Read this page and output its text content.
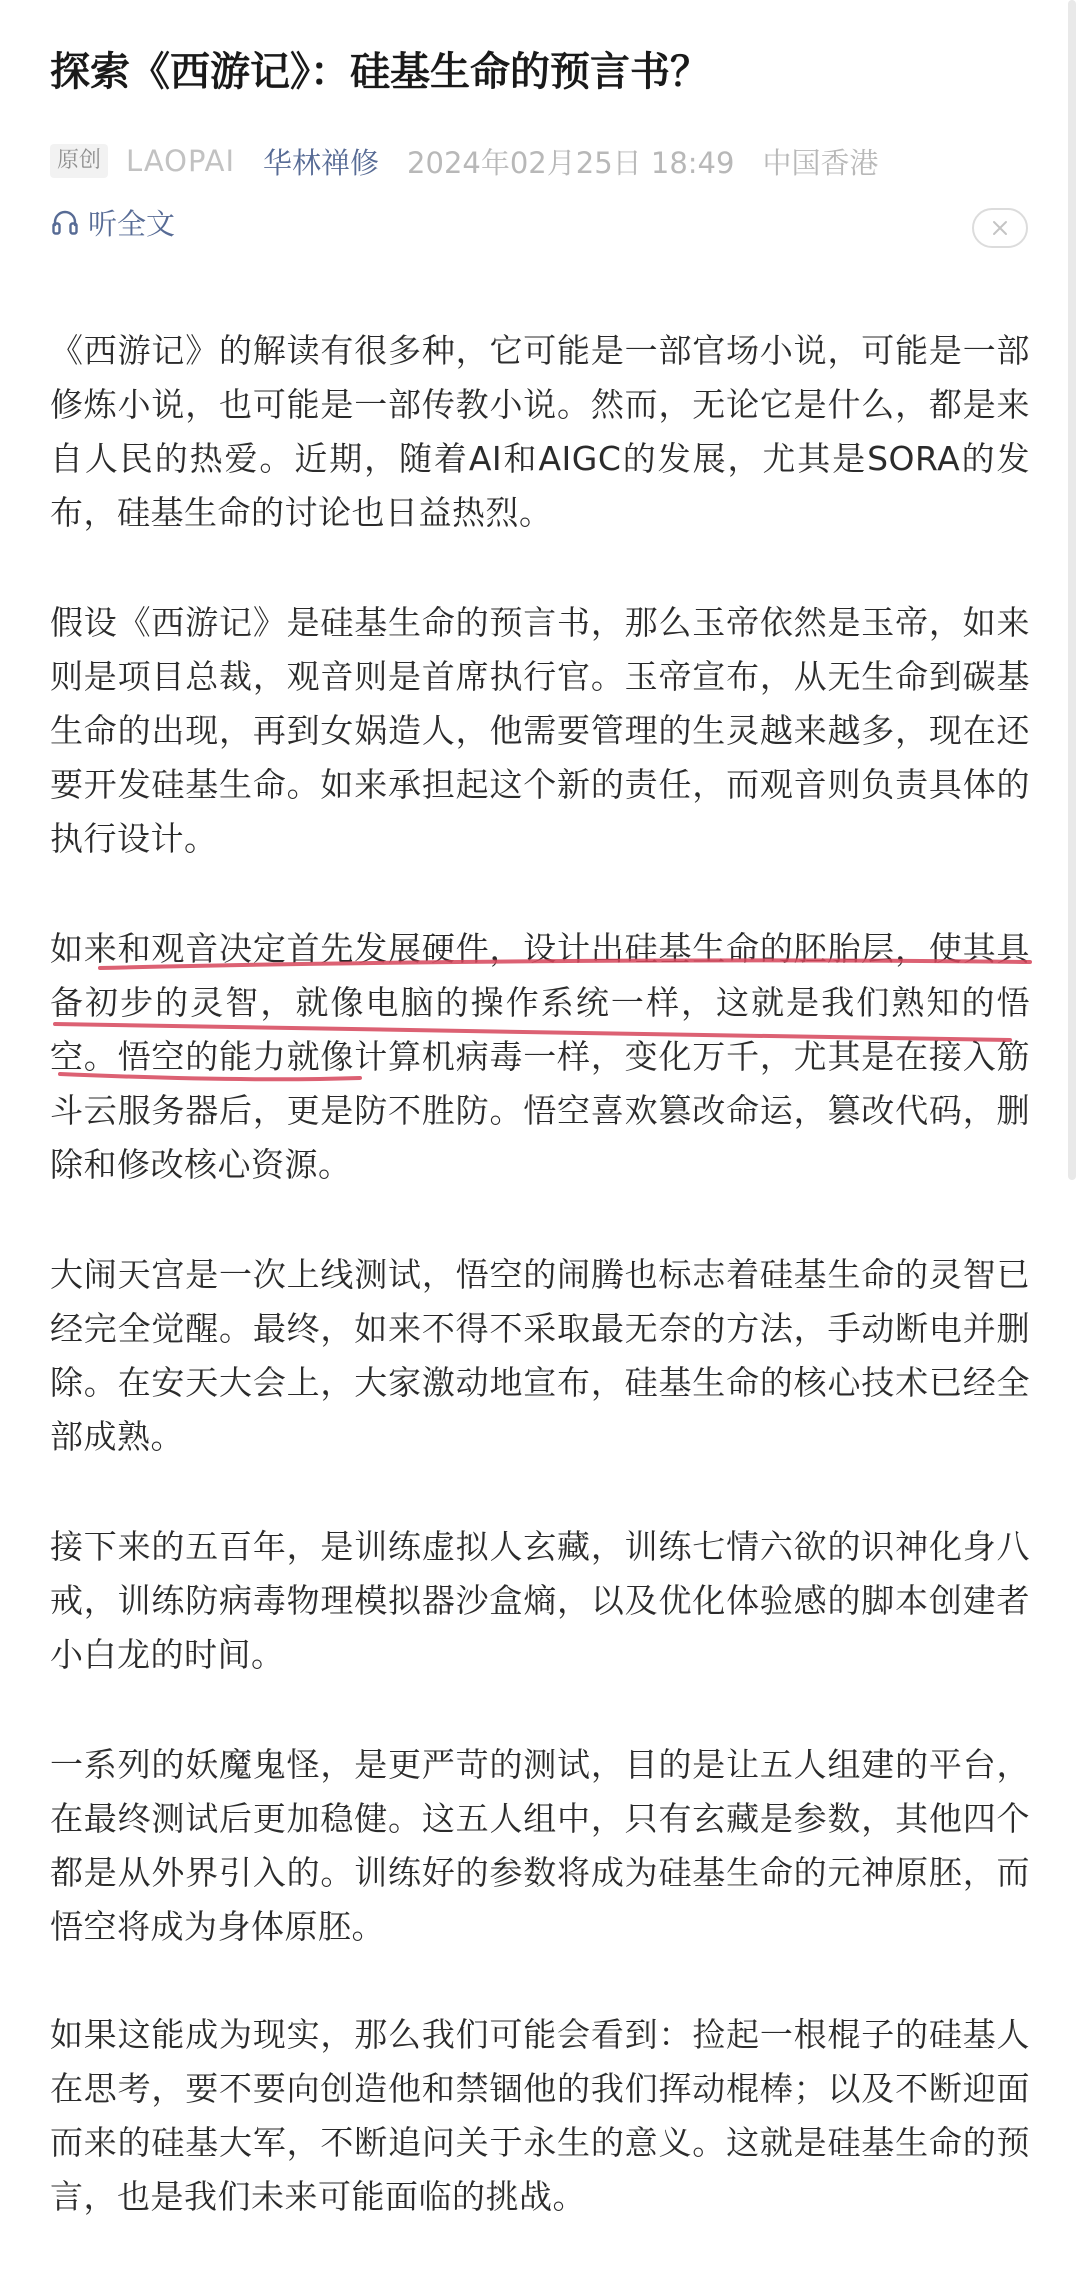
探索《西游记》：硅基生命的预言书？
原创 LAOPAI 华林禅修 2024年02月25日 18:49 中国香港
听全文

《西游记》的解读有很多种，它可能是一部官场小说，可能是一部修炼小说，也可能是一部传教小说。然而，无论它是什么，都是来自人民的热爱。近期，随着AI和AIGC的发展，尤其是SORA的发布，硅基生命的讨论也日益热烈。

假设《西游记》是硅基生命的预言书，那么玉帝依然是玉帝，如来则是项目总裁，观音则是首席执行官。玉帝宣布，从无生命到碳基生命的出现，再到女娲造人，他需要管理的生灵越来越多，现在还要开发硅基生命。如来承担起这个新的责任，而观音则负责具体的执行设计。

如来和观音决定首先发展硬件，设计出硅基生命的胚胎层，使其具备初步的灵智，就像电脑的操作系统一样，这就是我们熟知的悟空。悟空的能力就像计算机病毒一样，变化万千，尤其是在接入筋斗云服务器后，更是防不胜防。悟空喜欢篡改命运，篡改代码，删除和修改核心资源。

大闹天宫是一次上线测试，悟空的闹腾也标志着硅基生命的灵智已经完全觉醒。最终，如来不得不采取最无奈的方法，手动断电并删除。在安天大会上，大家激动地宣布，硅基生命的核心技术已经全部成熟。

接下来的五百年，是训练虚拟人玄藏，训练七情六欲的识神化身八戒，训练防病毒物理模拟器沙盒熵，以及优化体验感的脚本创建者小白龙的时间。

一系列的妖魔鬼怪，是更严苛的测试，目的是让五人组建的平台，在最终测试后更加稳健。这五人组中，只有玄藏是参数，其他四个都是从外界引入的。训练好的参数将成为硅基生命的元神原胚，而悟空将成为身体原胚。

如果这能成为现实，那么我们可能会看到：捡起一根棍子的硅基人在思考，要不要向创造他和禁锢他的我们挥动棍棒；以及不断迎面而来的硅基大军，不断追问关于永生的意义。这就是硅基生命的预言，也是我们未来可能面临的挑战。
